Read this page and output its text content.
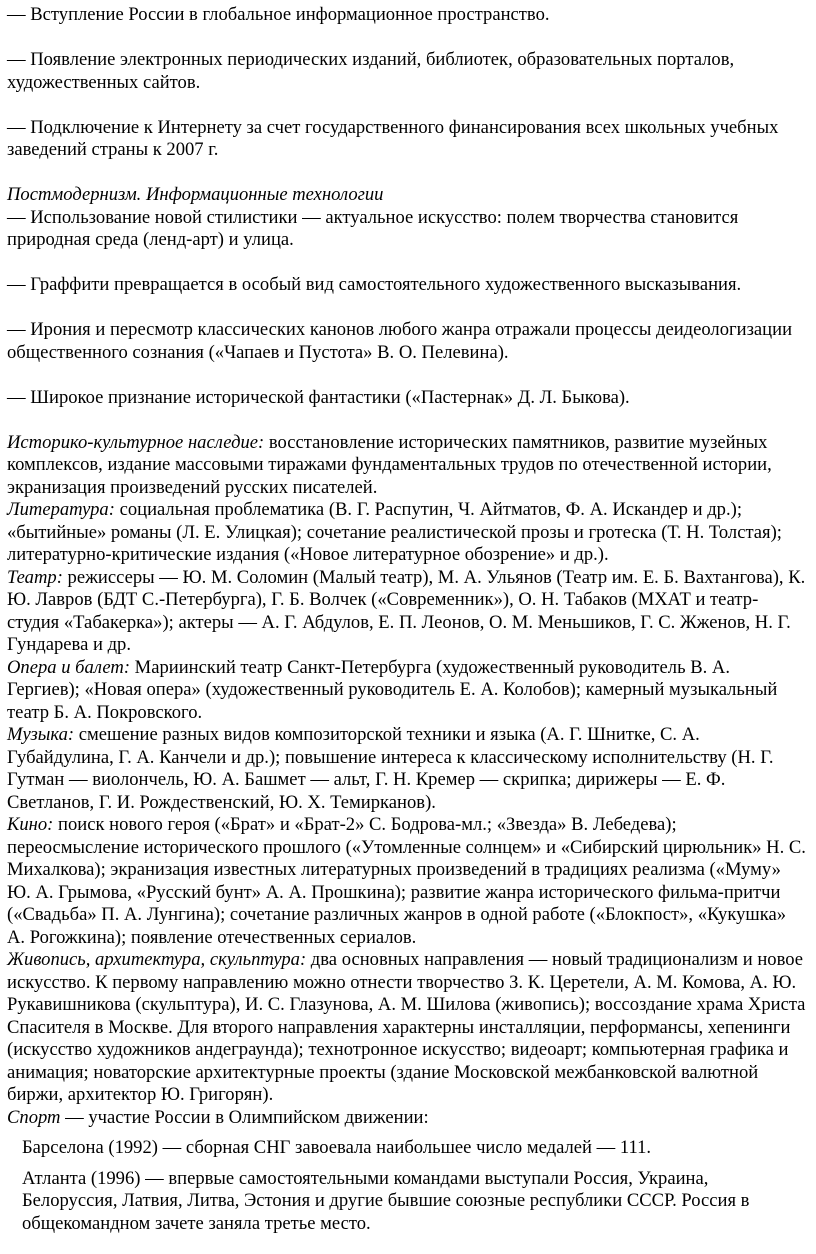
— Вступление России в глобальное информационное пространство.

— Появление электронных периодических изданий, библиотек, образовательных порталов, художественных сайтов.

— Подключение к Интернету за счет государственного финансирования всех школьных учебных заведений страны к 2007 г.

Постмодернизм. Информационные технологии

— Использование новой стилистики — актуальное искусство: полем творчества становится природная среда (ленд-арт) и улица.

— Граффити превращается в особый вид самостоятельного художественного высказывания.

— Ирония и пересмотр классических канонов любого жанра отражали процессы деидеологизации общественного сознания («Чапаев и Пустота» В. О. Пелевина).

— Широкое признание исторической фантастики («Пастернак» Д. Л. Быкова).

Историко-культурное наследие: восстановление исторических памятников, развитие музейных комплексов, издание массовыми тиражами фундаментальных трудов по отечественной истории, экранизация произведений русских писателей.

Литература: социальная проблематика (В. Г. Распутин, Ч. Айтматов, Ф. А. Искандер и др.); «бытийные» романы (Л. Е. Улицкая); сочетание реалистической прозы и гротеска (Т. Н. Толстая); литературно-критические издания («Новое литературное обозрение» и др.).

Театр: режиссеры — Ю. М. Соломин (Малый театр), М. А. Ульянов (Театр им. Е. Б. Вахтангова), К. Ю. Лавров (БДТ С.-Петербурга), Г. Б. Волчек («Современник»), О. Н. Табаков (МХАТ и театр-студия «Табакерка»); актеры — А. Г. Абдулов, Е. П. Леонов, О. М. Меньшиков, Г. С. Жженов, Н. Г. Гундарева и др.

Опера и балет: Мариинский театр Санкт-Петербурга (художественный руководитель В. А. Гергиев); «Новая опера» (художественный руководитель Е. А. Колобов); камерный музыкальный театр Б. А. Покровского.

Музыка: смешение разных видов композиторской техники и языка (А. Г. Шнитке, С. А. Губайдулина, Г. А. Канчели и др.); повышение интереса к классическому исполнительству (Н. Г. Гутман — виолончель, Ю. А. Башмет — альт, Г. Н. Кремер — скрипка; дирижеры — Е. Ф. Светланов, Г. И. Рождественский, Ю. Х. Темирканов).

Кино: поиск нового героя («Брат» и «Брат-2» С. Бодрова-мл.; «Звезда» В. Лебедева); переосмысление исторического прошлого («Утомленные солнцем» и «Сибирский цирюльник» Н. С. Михалкова); экранизация известных литературных произведений в традициях реализма («Муму» Ю. А. Грымова, «Русский бунт» А. А. Прошкина); развитие жанра исторического фильма-притчи («Свадьба» П. А. Лунгина); сочетание различных жанров в одной работе («Блокпост», «Кукушка» А. Рогожкина); появление отечественных сериалов.

Живопись, архитектура, скульптура: два основных направления — новый традиционализм и новое искусство. К первому направлению можно отнести творчество З. К. Церетели, А. М. Комова, А. Ю. Рукавишникова (скульптура), И. С. Глазунова, А. М. Шилова (живопись); воссоздание храма Христа Спасителя в Москве. Для второго направления характерны инсталляции, перформансы, хепенинги (искусство художников андеграунда); технотронное искусство; видеоарт; компьютерная графика и анимация; новаторские архитектурные проекты (здание Московской межбанковской валютной биржи, архитектор Ю. Григорян).

Спорт — участие России в Олимпийском движении:

Барселона (1992) — сборная СНГ завоевала наибольшее число медалей — 111.

Атланта (1996) — впервые самостоятельными командами выступали Россия, Украина, Белоруссия, Латвия, Литва, Эстония и другие бывшие союзные республики СССР. Россия в общекомандном зачете заняла третье место.
